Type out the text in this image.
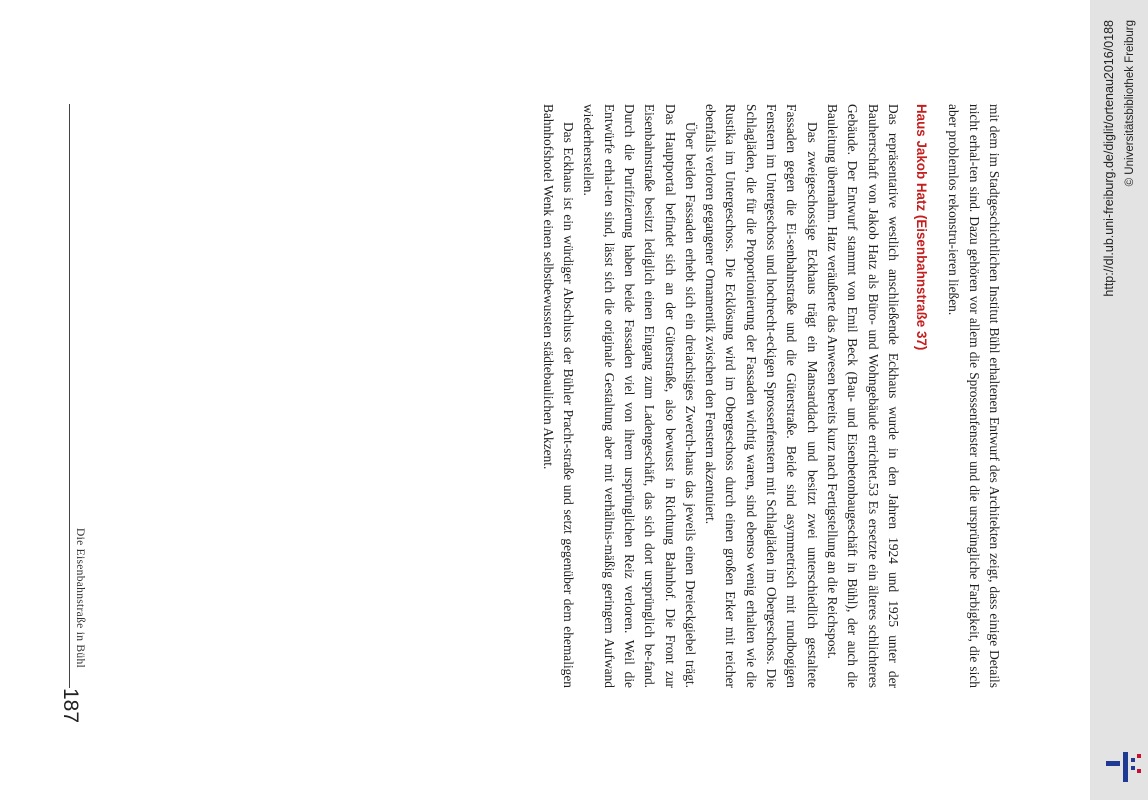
Die Eisenbahnstraße in Bühl
187

mit dem im Stadtgeschichtlichen Institut Bühl erhaltenen Entwurf des Architekten zeigt, dass einige Details nicht erhal-ten sind. Dazu gehören vor allem die Sprossenfenster und die ursprüngliche Farbigkeit, die sich aber problemlos rekonstru-ieren ließen.

Haus Jakob Hatz (Eisenbahnstraße 37)

Das repräsentative westlich anschließende Eckhaus wurde in den Jahren 1924 und 1925 unter der Bauherrschaft von Jakob Hatz als Büro- und Wohngebäude errichtet.53 Es ersetzte ein älteres schlichteres Gebäude. Der Entwurf stammt von Emil Beck (Bau- und Eisenbetonbaugeschäft in Bühl), der auch die Bauleitung übernahm. Hatz veräußerte das Anwesen bereits kurz nach Fertigstellung an die Reichspost.

Das zweigeschossige Eckhaus trägt ein Mansarddach und besitzt zwei unterschiedlich gestaltete Fassaden gegen die Ei-senbahnstraße und die Güterstraße. Beide sind asymmetrisch mit rundbogigen Fenstern im Untergeschoss und hochrecht-eckigen Sprossenfenstern mit Schlagläden im Obergeschoss. Die Schlagläden, die für die Proportionierung der Fassaden wichtig waren, sind ebenso wenig erhalten wie die Rustika im Untergeschoss. Die Ecklösung wird im Obergeschoss durch einen großen Erker mit reicher ebenfalls verloren gegangener Ornamentik zwischen den Fenstern akzentuiert.

Über beiden Fassaden erhebt sich ein dreiachsiges Zwerch-haus das jeweils einen Dreieckgiebel trägt. Das Hauptportal befindet sich an der Güterstraße, also bewusst in Richtung Bahnhof. Die Front zur Eisenbahnstraße besitzt lediglich einen Eingang zum Ladengeschäft, das sich dort ursprünglich be-fand. Durch die Purifizierung haben beide Fassaden viel von ihrem ursprünglichen Reiz verloren. Weil die Entwürfe erhal-ten sind, lässt sich die originale Gestaltung aber mit verhältnis-mäßig geringem Aufwand wiederherstellen.

Das Eckhaus ist ein würdiger Abschluss der Bühler Pracht-straße und setzt gegenüber dem ehemaligen Bahnhofshotel Wenk einen selbstbewussten städtebaulichen Akzent.	http://dl.ub.uni-freiburg.de/diglit/ortenau2016/0188 © Universitätsbibliothek Freiburg
